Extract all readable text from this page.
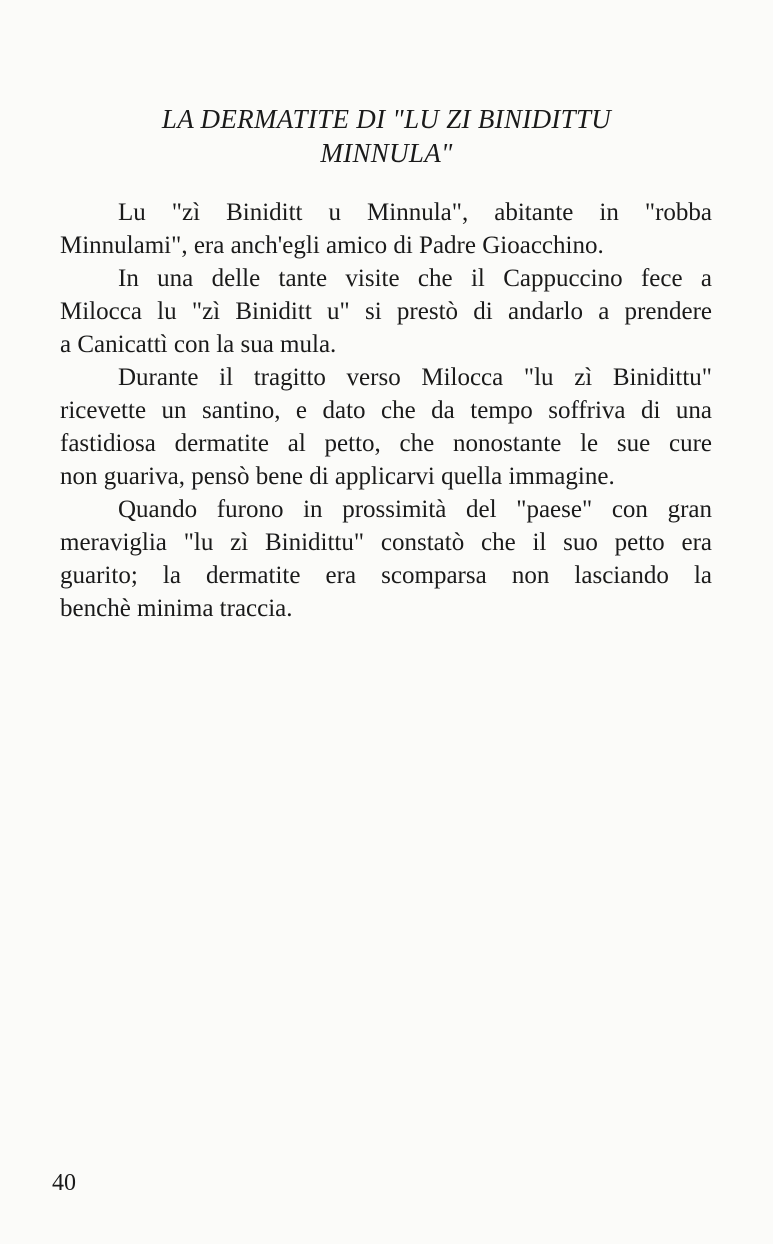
LA DERMATITE DI "LU ZI BINIDITTU
MINNULA"
Lu "zì Biniditt u Minnula", abitante in "robba
Minnulami", era anch'egli amico di Padre Gioacchino.
In una delle tante visite che il Cappuccino fece a
Milocca lu "zì Biniditt u" si prestò di andarlo a prendere
a Canicattì con la sua mula.
Durante il tragitto verso Milocca "lu zì Binidittu"
ricevette un santino, e dato che da tempo soffriva di una
fastidiosa dermatite al petto, che nonostante le sue cure
non guariva, pensò bene di applicarvi quella immagine.
Quando furono in prossimità del "paese" con gran
meraviglia "lu zì Binidittu" constatò che il suo petto era
guarito; la dermatite era scomparsa non lasciando la
benchè minima traccia.
40
